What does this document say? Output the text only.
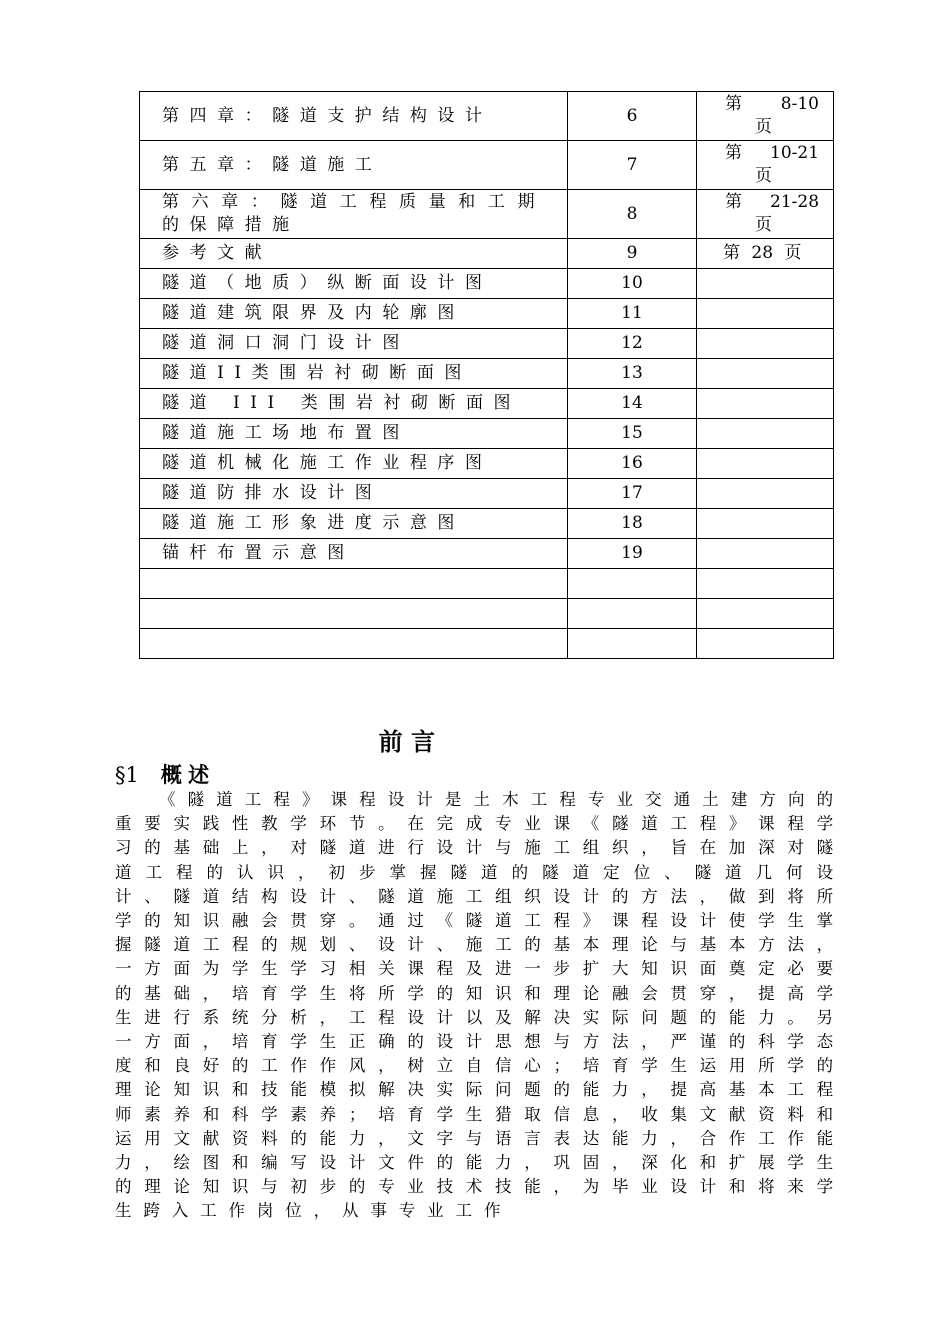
第四章：隧道支护结构设计	6	第 8-10
页

第五章：隧道施工	7	第 10-21
页

第六章：隧道工程质量和工期的保障措施	8	第 21-28
页

参考文献	9	第 28 页
隧道（地质）纵断面设计图	10	
隧道建筑限界及内轮廓图	11	
隧道洞口洞门设计图	12	
隧道II类围岩衬砌断面图	13	
隧道 III 类围岩衬砌断面图	14	
隧道施工场地布置图	15	
隧道机械化施工作业程序图	16	
隧道防排水设计图	17	
隧道施工形象进度示意图	18	
锚杆布置示意图	19	

前言
§1 概述
《隧道工程》课程设计是土木工程专业交通土建方向的重要实践性教学环节。在完成专业课《隧道工程》课程学习的基础上，对隧道进行设计与施工组织，旨在加深对隧道工程的认识，初步掌握隧道的隧道定位、隧道几何设计、隧道结构设计、隧道施工组织设计的方法，做到将所学的知识融会贯穿。通过《隧道工程》课程设计使学生掌握隧道工程的规划、设计、施工的基本理论与基本方法，一方面为学生学习相关课程及进一步扩大知识面奠定必要的基础，培育学生将所学的知识和理论融会贯穿，提高学生进行系统分析，工程设计以及解决实际问题的能力。另一方面，培育学生正确的设计思想与方法，严谨的科学态度和良好的工作作风，树立自信心；培育学生运用所学的理论知识和技能模拟解决实际问题的能力，提高基本工程师素养和科学素养；培育学生猎取信息，收集文献资料和运用文献资料的能力，文字与语言表达能力，合作工作能力，绘图和编写设计文件的能力，巩固，深化和扩展学生的理论知识与初步的专业技术技能，为毕业设计和将来学生跨入工作岗位，从事专业工作
